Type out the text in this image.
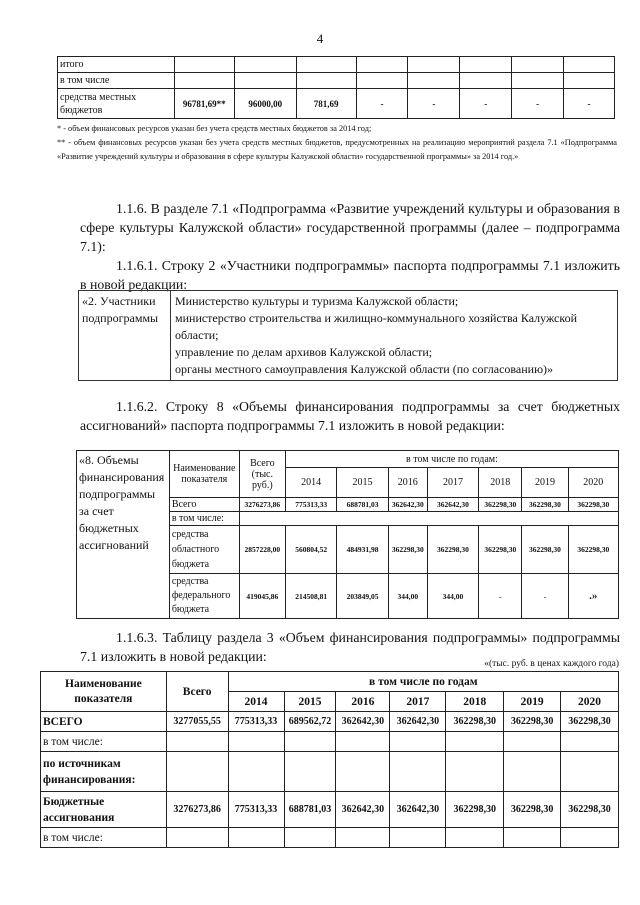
4
итого								
в том числе								
средства местных бюджетов	96781,69**	96000,00	781,69	-	-	-	-	-
* - объем финансовых ресурсов указан без учета средств местных бюджетов за 2014 год;
** - объем финансовых ресурсов указан без учета средств местных бюджетов, предусмотренных на реализацию мероприятий раздела 7.1 «Подпрограмма «Развитие учреждений культуры и образования в сфере культуры Калужской области» государственной программы» за 2014 год.»
1.1.6. В разделе 7.1 «Подпрограмма «Развитие учреждений культуры и образования в сфере культуры Калужской области» государственной программы (далее – подпрограмма 7.1):
1.1.6.1. Строку 2 «Участники подпрограммы» паспорта подпрограммы 7.1 изложить в новой редакции:
«2. Участники подпрограммы	
Министерство культуры и туризма Калужской области;
министерство строительства и жилищно-коммунального хозяйства Калужской области;
управление по делам архивов Калужской области;
органы местного самоуправления Калужской области (по согласованию)»
1.1.6.2. Строку 8 «Объемы финансирования подпрограммы за счет бюджетных ассигнований» паспорта подпрограммы 7.1 изложить в новой редакции:
«8. Объемы финансирования подпрограммы за счет бюджетных ассигнований	Наименование показателя	Всего (тыс. руб.)	в том числе по годам:						
			2014	2015	2016	2017	2018	2019	2020
	Всего	3276273,86	775313,33	688781,03	362642,30	362642,30	362298,30	362298,30	362298,30
	в том числе:								
	средства областного бюджета	2857228,00	560804,52	484931,98	362298,30	362298,30	362298,30	362298,30	362298,30
	средства федерального бюджета	419045,86	214508,81	203849,05	344,00	344,00	-	-	.»
1.1.6.3. Таблицу раздела 3 «Объем финансирования подпрограммы» подпрограммы 7.1 изложить в новой редакции:	«(тыс. руб. в ценах каждого года)
Наименование показателя	Всего	в том числе по годам						
		2014	2015	2016	2017	2018	2019	2020
ВСЕГО	3277055,55	775313,33	689562,72	362642,30	362642,30	362298,30	362298,30	362298,30
в том числе:								
по источникам финансирования:								
Бюджетные ассигнования	3276273,86	775313,33	688781,03	362642,30	362642,30	362298,30	362298,30	362298,30
в том числе:								
